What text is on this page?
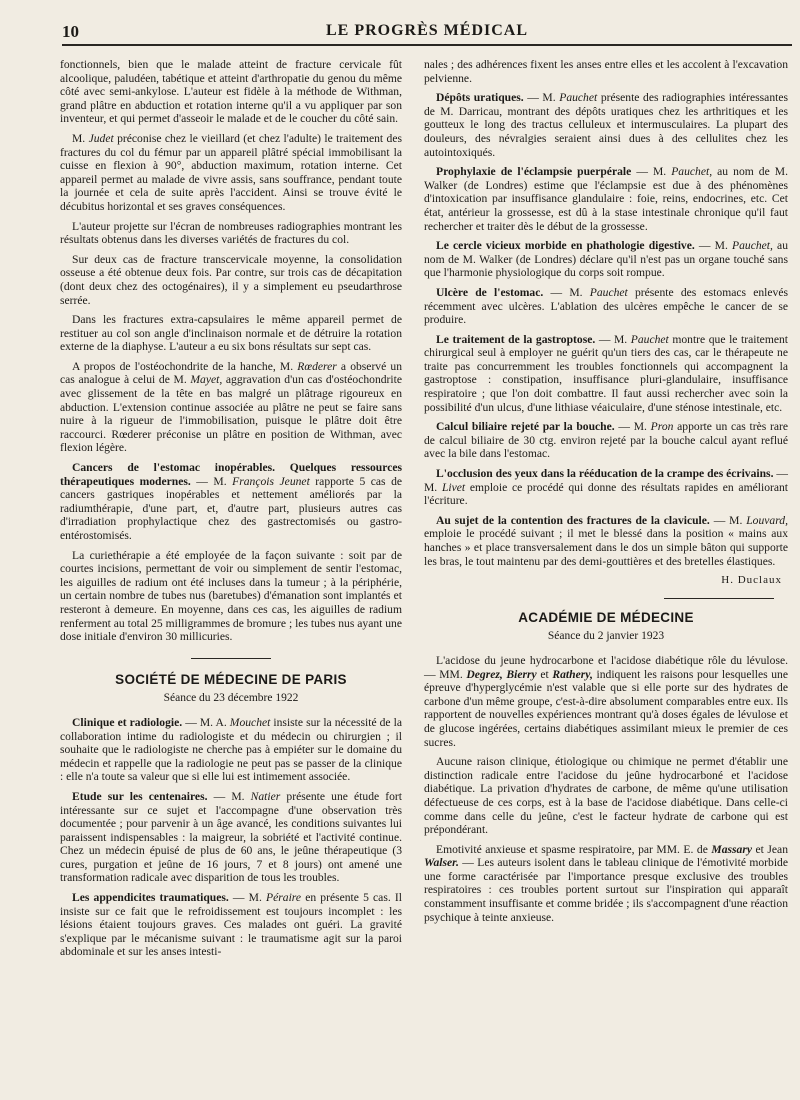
10	LE PROGRÈS MÉDICAL

fonctionnels, bien que le malade atteint de fracture cervicale fût alcoolique, paludéen, tabétique et atteint d'arthropatie du genou du même côté avec semi-ankylose. L'auteur est fidèle à la méthode de Withman, grand plâtre en abduction et rotation interne qu'il a vu appliquer par son inventeur, et qui permet d'asseoir le malade et de le coucher du côté sain.

M. Judet préconise chez le vieillard (et chez l'adulte) le traitement des fractures du col du fémur par un appareil plâtré spécial immobilisant la cuisse en flexion à 90°, abduction maximum, rotation interne. Cet appareil permet au malade de vivre assis, sans souffrance, pendant toute la journée et cela de suite après l'accident. Ainsi se trouve évité le décubitus horizontal et ses graves conséquences.

L'auteur projette sur l'écran de nombreuses radiographies montrant les résultats obtenus dans les diverses variétés de fractures du col.

Sur deux cas de fracture transcervicale moyenne, la consolidation osseuse a été obtenue deux fois. Par contre, sur trois cas de décapitation (dont deux chez des octogénaires), il y a simplement eu pseudarthrose serrée.

Dans les fractures extra-capsulaires le même appareil permet de restituer au col son angle d'inclinaison normale et de détruire la rotation externe de la diaphyse. L'auteur a eu six bons résultats sur sept cas.

A propos de l'ostéochondrite de la hanche, M. Rœderer a observé un cas analogue à celui de M. Mayet, aggravation d'un cas d'ostéochondrite avec glissement de la tête en bas malgré un plâtrage rigoureux en abduction. L'extension continue associée au plâtre ne peut se faire sans nuire à la rigueur de l'immobilisation, puisque le plâtre doit être raccourci. Rœderer préconise un plâtre en position de Withman, avec flexion légère.

Cancers de l'estomac inopérables. Quelques ressources thérapeutiques modernes. — M. François Jeunet rapporte 5 cas de cancers gastriques inopérables et nettement améliorés par la radiumthérapie, d'une part, et, d'autre part, plusieurs autres cas d'irradiation prophylactique chez des gastrectomisés ou gastro-entérostomisés.

La curiethérapie a été employée de la façon suivante : soit par de courtes incisions, permettant de voir ou simplement de sentir l'estomac, les aiguilles de radium ont été incluses dans la tumeur ; à la périphérie, un certain nombre de tubes nus (baretubes) d'émanation sont implantés et resteront à demeure. En moyenne, dans ces cas, les aiguilles de radium renferment au total 25 milligrammes de bromure ; les tubes nus ayant une dose initiale d'environ 30 millicuries.

SOCIÉTÉ DE MÉDECINE DE PARIS
Séance du 23 décembre 1922

Clinique et radiologie. — M. A. Mouchet insiste sur la nécessité de la collaboration intime du radiologiste et du médecin ou chirurgien ; il souhaite que le radiologiste ne cherche pas à empiéter sur le domaine du médecin et rappelle que la radiologie ne peut pas se passer de la clinique : elle n'a toute sa valeur que si elle lui est intimement associée.

Etude sur les centenaires. — M. Natier présente une étude fort intéressante sur ce sujet et l'accompagne d'une observation très documentée ; pour parvenir à un âge avancé, les conditions suivantes lui paraissent indispensables : la maigreur, la sobriété et l'activité continue. Chez un médecin épuisé de plus de 60 ans, le jeûne thérapeutique (3 cures, purgation et jeûne de 16 jours, 7 et 8 jours) ont amené une transformation radicale avec disparition de tous les troubles.

Les appendicites traumatiques. — M. Péraire en présente 5 cas. Il insiste sur ce fait que le refroidissement est toujours incomplet : les lésions étaient toujours graves. Ces malades ont guéri. La gravité s'explique par le mécanisme suivant : le traumatisme agit sur la paroi abdominale et sur les anses intesti-

nales ; des adhérences fixent les anses entre elles et les accolent à l'excavation pelvienne.

Dépôts uratiques. — M. Pauchet présente des radiographies intéressantes de M. Darricau, montrant des dépôts uratiques chez les arthritiques et les goutteux le long des tractus celluleux et intermusculaires. La plupart des douleurs, des névralgies seraient ainsi dues à des cellulites chez les autointoxiqués.

Prophylaxie de l'éclampsie puerpérale — M. Pauchet, au nom de M. Walker (de Londres) estime que l'éclampsie est due à des phénomènes d'intoxication par insuffisance glandulaire : foie, reins, endocrines, etc. Cet état, antérieur la grossesse, est dû à la stase intestinale chronique qu'il faut rechercher et traiter dès le début de la grossesse.

Le cercle vicieux morbide en phathologie digestive. — M. Pauchet, au nom de M. Walker (de Londres) déclare qu'il n'est pas un organe touché sans que l'harmonie physiologique du corps soit rompue.

Ulcère de l'estomac. — M. Pauchet présente des estomacs enlevés récemment avec ulcères. L'ablation des ulcères empêche le cancer de se produire.

Le traitement de la gastroptose. — M. Pauchet montre que le traitement chirurgical seul à employer ne guérit qu'un tiers des cas, car le thérapeute ne traite pas concurremment les troubles fonctionnels qui accompagnent la gastroptose : constipation, insuffisance pluri-glandulaire, insuffisance respiratoire ; que l'on doit combattre. Il faut aussi rechercher avec soin la possibilité d'un ulcus, d'une lithiase véaiculaire, d'une sténose intestinale, etc.

Calcul biliaire rejeté par la bouche. — M. Pron apporte un cas très rare de calcul biliaire de 30 ctg. environ rejeté par la bouche calcul ayant reflué avec la bile dans l'estomac.

L'occlusion des yeux dans la rééducation de la crampe des écrivains. — M. Livet emploie ce procédé qui donne des résultats rapides en améliorant l'écriture.

Au sujet de la contention des fractures de la clavicule. — M. Louvard, emploie le procédé suivant ; il met le blessé dans la position « mains aux hanches » et place transversalement dans le dos un simple bâton qui supporte les bras, le tout maintenu par des demi-gouttières et des bretelles élastiques.

H. Duclaux
ACADÉMIE DE MÉDECINE
Séance du 2 janvier 1923

L'acidose du jeune hydrocarbone et l'acidose diabétique rôle du lévulose. — MM. Degrez, Bierry et Rathery, indiquent les raisons pour lesquelles une épreuve d'hyperglycémie n'est valable que si elle porte sur des hydrates de carbone d'un même groupe, c'est-à-dire absolument comparables entre eux. Ils rapportent de nouvelles expériences montrant qu'à doses égales de lévulose et de glucose ingérées, certains diabétiques assimilant mieux le premier de ces sucres.

Aucune raison clinique, étiologique ou chimique ne permet d'établir une distinction radicale entre l'acidose du jeûne hydrocarboné et l'acidose diabétique. La privation d'hydrates de carbone, de même qu'une utilisation défectueuse de ces corps, est à la base de l'acidose diabétique. Dans celle-ci comme dans celle du jeûne, c'est le facteur hydrate de carbone qui est prépondérant.

Emotivité anxieuse et spasme respiratoire, par MM. E. de Massary et Jean Walser. — Les auteurs isolent dans le tableau clinique de l'émotivité morbide une forme caractérisée par l'importance presque exclusive des troubles respiratoires : ces troubles portent surtout sur l'inspiration qui apparaît constamment insuffisante et comme bridée ; ils s'accompagnent d'une réaction psychique à teinte anxieuse.
